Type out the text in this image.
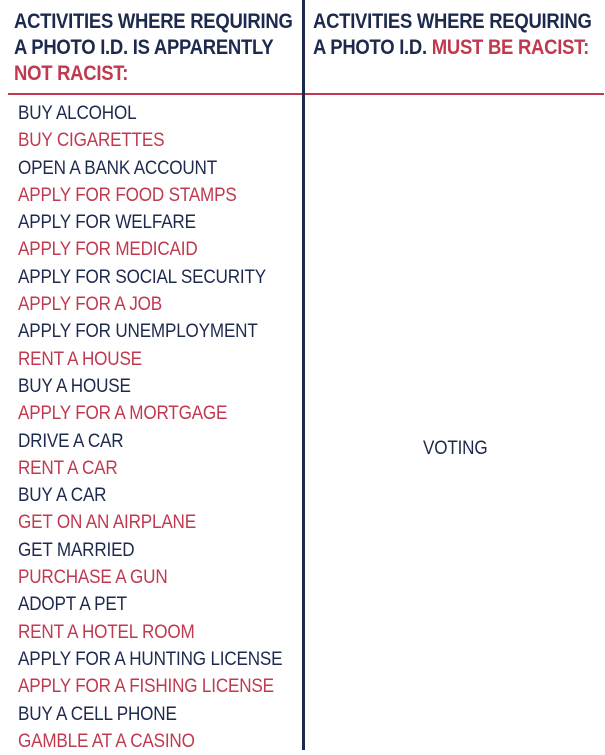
ACTIVITIES WHERE REQUIRING
A PHOTO I.D. IS APPARENTLY
NOT RACIST:
ACTIVITIES WHERE REQUIRING
A PHOTO I.D. MUST BE RACIST:
BUY ALCOHOL
BUY CIGARETTES
OPEN A BANK ACCOUNT
APPLY FOR FOOD STAMPS
APPLY FOR WELFARE
APPLY FOR MEDICAID
APPLY FOR SOCIAL SECURITY
APPLY FOR A JOB
APPLY FOR UNEMPLOYMENT
RENT A HOUSE
BUY A HOUSE
APPLY FOR A MORTGAGE
DRIVE A CAR
RENT A CAR
BUY A CAR
GET ON AN AIRPLANE
GET MARRIED
PURCHASE A GUN
ADOPT A PET
RENT A HOTEL ROOM
APPLY FOR A HUNTING LICENSE
APPLY FOR A FISHING LICENSE
BUY A CELL PHONE
GAMBLE AT A CASINO
VOTING
